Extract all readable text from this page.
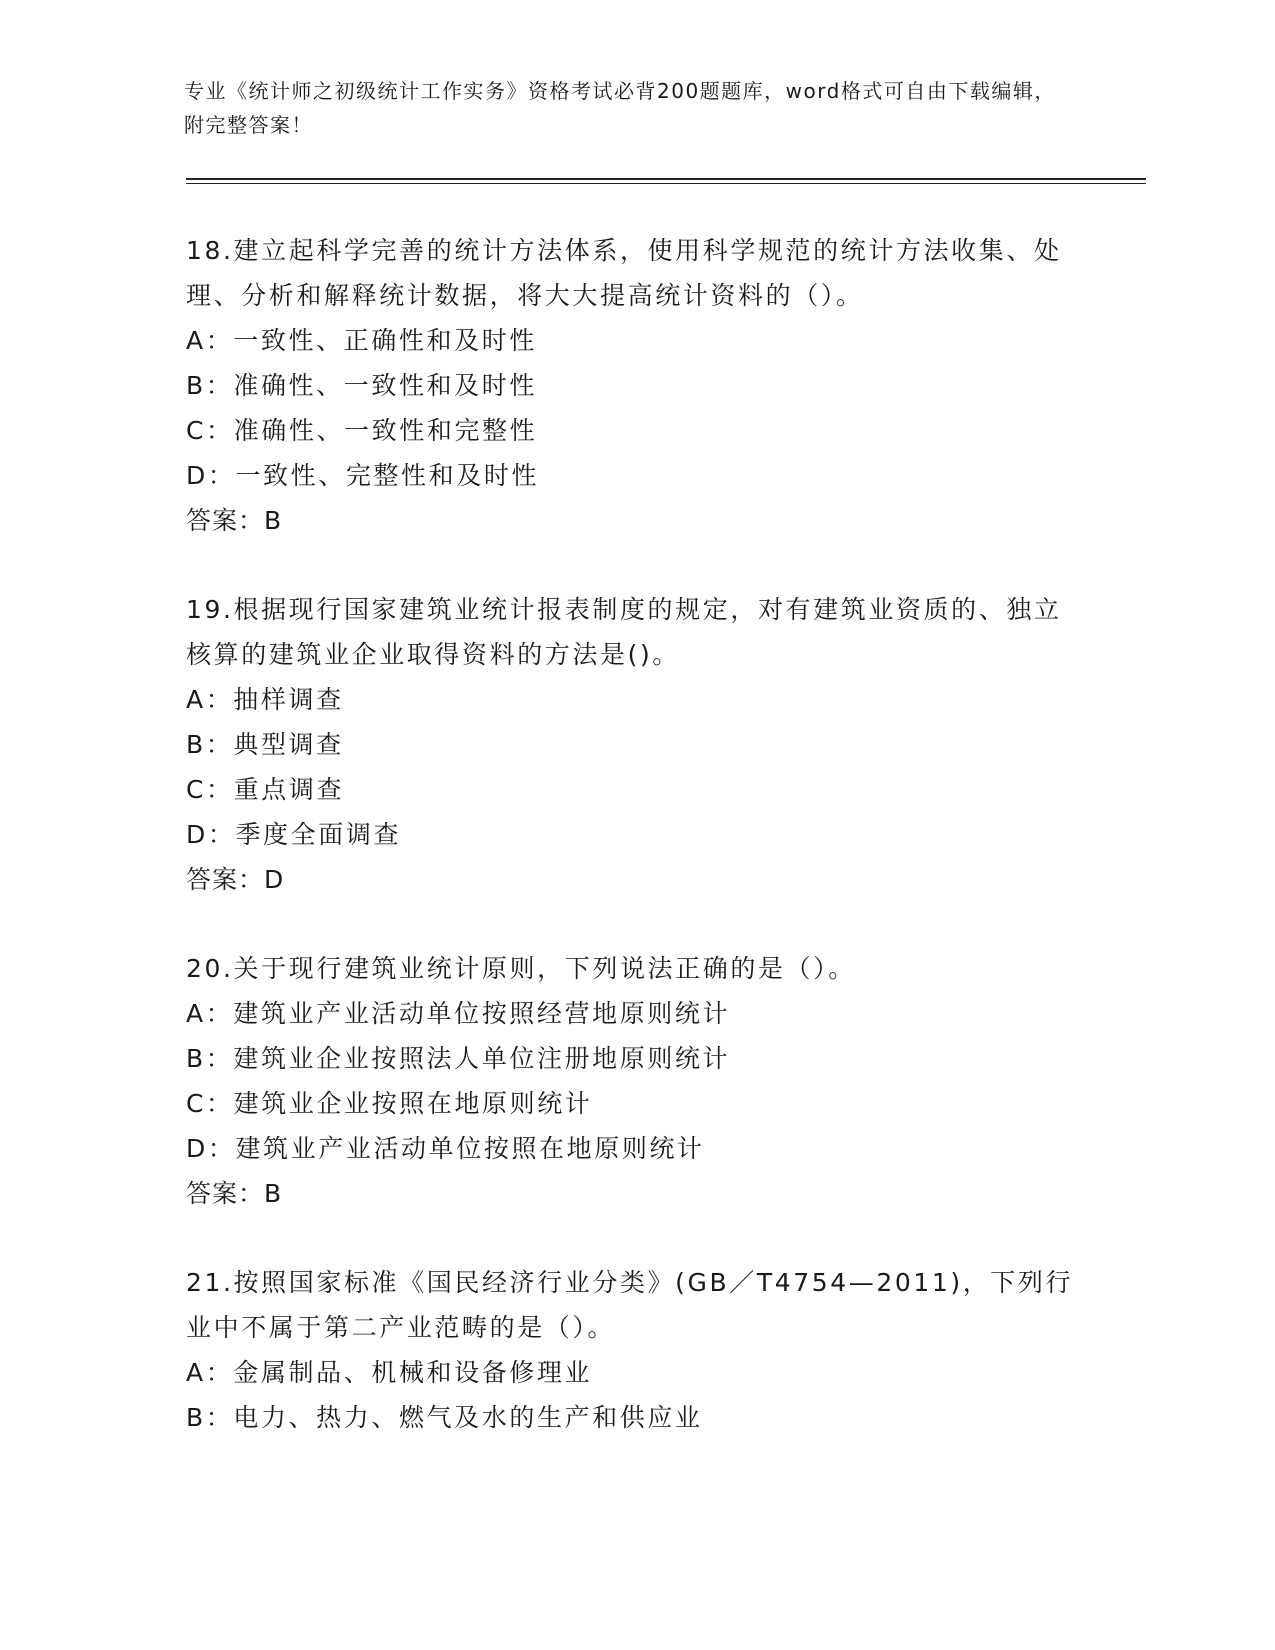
专业《统计师之初级统计工作实务》资格考试必背200题题库，word格式可自由下载编辑，附完整答案！

18.建立起科学完善的统计方法体系，使用科学规范的统计方法收集、处理、分析和解释统计数据，将大大提高统计资料的（）。

A：一致性、正确性和及时性

B：准确性、一致性和及时性

C：准确性、一致性和完整性

D：一致性、完整性和及时性

答案：B

19.根据现行国家建筑业统计报表制度的规定，对有建筑业资质的、独立核算的建筑业企业取得资料的方法是()。

A：抽样调查

B：典型调查

C：重点调查

D：季度全面调查

答案：D

20.关于现行建筑业统计原则，下列说法正确的是（）。

A：建筑业产业活动单位按照经营地原则统计

B：建筑业企业按照法人单位注册地原则统计

C：建筑业企业按照在地原则统计

D：建筑业产业活动单位按照在地原则统计

答案：B

21.按照国家标准《国民经济行业分类》(GB／T4754—2011)，下列行业中不属于第二产业范畴的是（）。

A：金属制品、机械和设备修理业

B：电力、热力、燃气及水的生产和供应业
